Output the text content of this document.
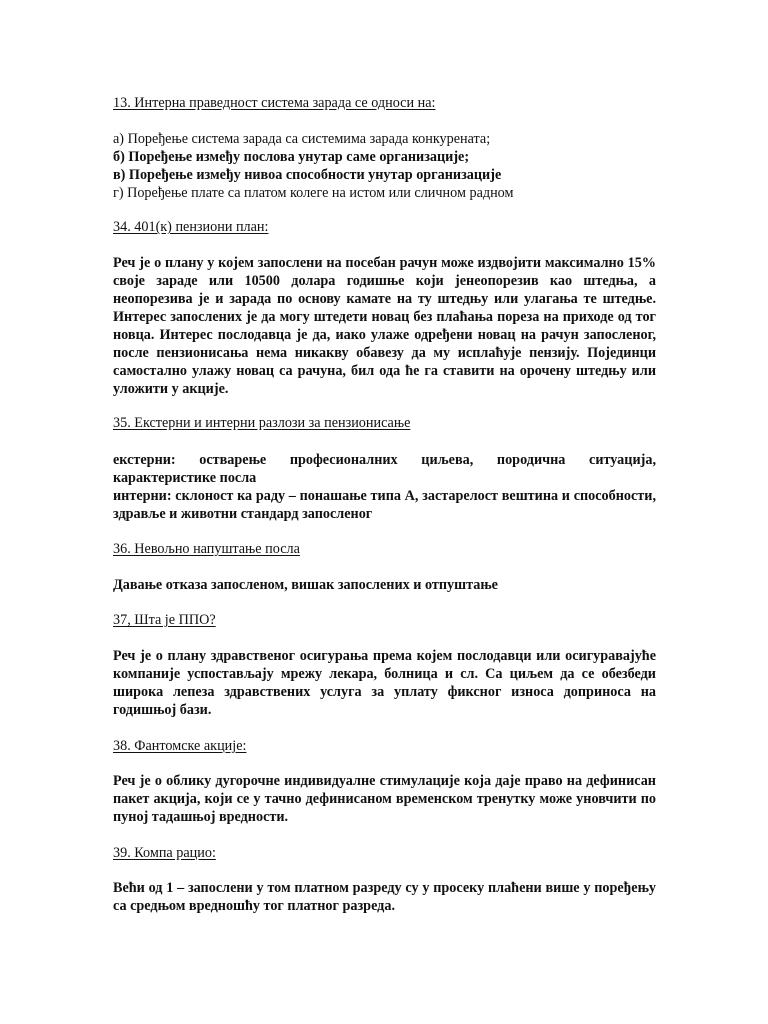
13. Интерна праведност система зарада се односи на:

а) Поређење система зарада са системима зарада конкурената;

б) Поређење између послова унутар саме организације;

в) Поређење између нивоа способности унутар организације

г) Поређење плате са платом колеге на истом или сличном радном

34. 401(к) пензиони план:
Реч је о плану у којем запослени на посебан рачун може издвојити максимално 15% своје зараде или 10500 долара годишње који јенеопорезив као штедња, а неопорезива је и зарада по основу камате на ту штедњу или улагања те штедње. Интерес запослених је да могу штедети новац без плаћања пореза на приходе од тог новца. Интерес послодавца је да, иако улаже одређени новац на рачун запосленог, после пензионисања нема никакву обавезу да му исплаћује пензију. Појединци самостално улажу новац са рачуна, бил ода ће га ставити на орочену штедњу или уложити у акције.
35. Екстерни и интерни разлози за пензионисање

екстерни: остварење професионалних циљева, породична ситуација, карактеристике посла

интерни: склоност ка раду – понашање типа А, застарелост вештина и способности, здравље и животни стандард запосленог

36. Невољно напуштање посла
Давање отказа запосленом, вишак запослених и отпуштање
37, Шта је ППО?
Реч је о плану здравственог осигурања према којем послодавци или осигуравајуће компаније успостављају мрежу лекара, болница и сл. Са циљем да се обезбеди широка лепеза здравствених услуга за уплату фиксног износа доприноса на годишњој бази.
38. Фантомске акције:
Реч је о облику дугорочне индивидуалне стимулације која даје право на дефинисан пакет акција, који се у тачно дефинисаном временском тренутку може уновчити по пуној тадашњој вредности.
39. Компа рацио:
Већи од 1 – запослени у том платном разреду су у просеку плаћени више у поређењу са средњом вредношћу тог платног разреда.
